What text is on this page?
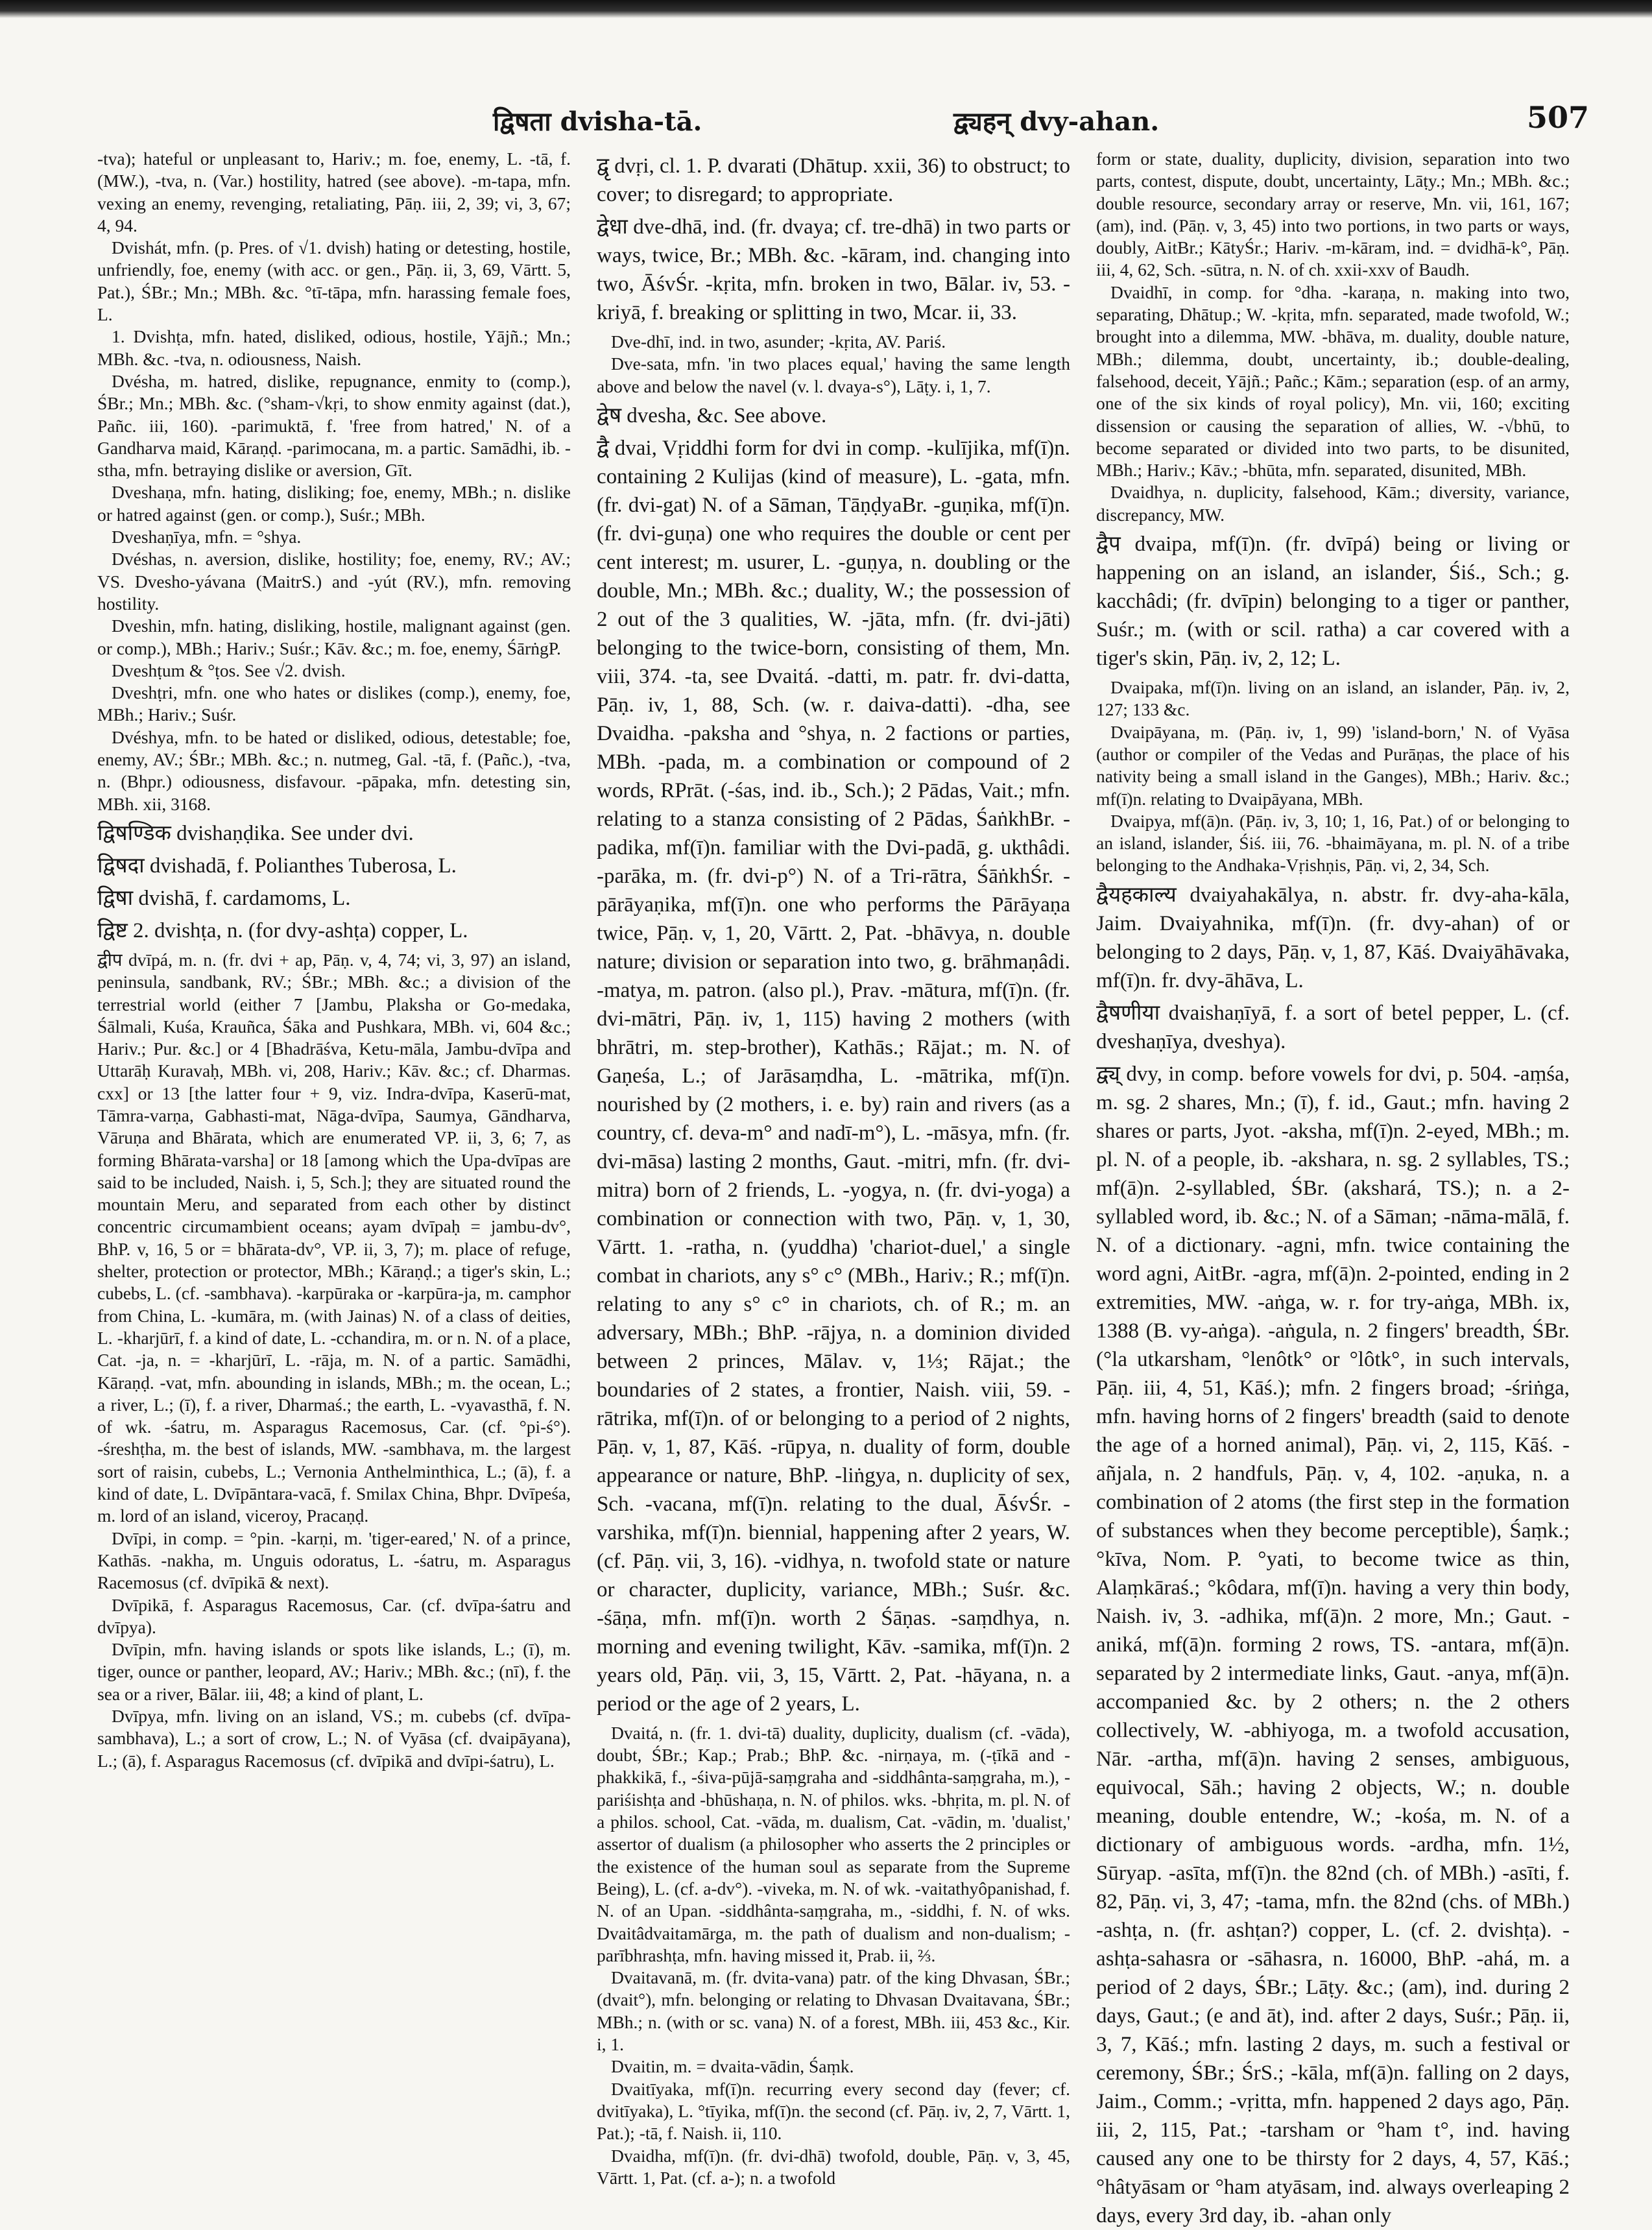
द्विषता dvisha-tā.	द्व्यहन् dvy-ahan.	507

-tva); hateful or unpleasant to, Hariv.; m. foe, enemy, L. -tā, f. (MW.), -tva, n. (Var.) hostility, hatred (see above). -m-tapa, mfn. vexing an enemy, revenging, retaliating, Pāṇ. iii, 2, 39; vi, 3, 67; 4, 94.

Dvishát, mfn. (p. Pres. of √1. dvish) hating or detesting, hostile, unfriendly, foe, enemy (with acc. or gen., Pāṇ. ii, 3, 69, Vārtt. 5, Pat.), ŚBr.; Mn.; MBh. &c. °tī-tāpa, mfn. harassing female foes, L.

1. Dvishṭa, mfn. hated, disliked, odious, hostile, Yājñ.; Mn.; MBh. &c. -tva, n. odiousness, Naish.

Dvésha, m. hatred, dislike, repugnance, enmity to (comp.), ŚBr.; Mn.; MBh. &c. (°sham-√kṛi, to show enmity against (dat.), Pañc. iii, 160). -parimuktā, f. 'free from hatred,' N. of a Gandharva maid, Kāraṇḍ. -parimocana, m. a partic. Samādhi, ib. -stha, mfn. betraying dislike or aversion, Gīt.

Dveshaṇa, mfn. hating, disliking; foe, enemy, MBh.; n. dislike or hatred against (gen. or comp.), Suśr.; MBh.

Dveshaṇīya, mfn. = °shya.

Dvéshas, n. aversion, dislike, hostility; foe, enemy, RV.; AV.; VS. Dvesho-yávana (MaitrS.) and -yút (RV.), mfn. removing hostility.

Dveshin, mfn. hating, disliking, hostile, malignant against (gen. or comp.), MBh.; Hariv.; Suśr.; Kāv. &c.; m. foe, enemy, ŚārṅgP.

Dveshṭum & °ṭos. See √2. dvish.

Dveshṭri, mfn. one who hates or dislikes (comp.), enemy, foe, MBh.; Hariv.; Suśr.

Dvéshya, mfn. to be hated or disliked, odious, detestable; foe, enemy, AV.; ŚBr.; MBh. &c.; n. nutmeg, Gal. -tā, f. (Pañc.), -tva, n. (Bhpr.) odiousness, disfavour. -pāpaka, mfn. detesting sin, MBh. xii, 3168.

द्विषण्डिक dvishaṇḍika. See under dvi.

द्विषदा dvishadā, f. Polianthes Tuberosa, L.

द्विषा dvishā, f. cardamoms, L.

द्विष्ट 2. dvishṭa, n. (for dvy-ashṭa) copper, L.

द्वीप dvīpá, m. n. (fr. dvi + ap, Pāṇ. v, 4, 74; vi, 3, 97) an island, peninsula, sandbank, RV.; ŚBr.; MBh. &c.; a division of the terrestrial world (either 7 [Jambu, Plaksha or Go-medaka, Śālmali, Kuśa, Krauñca, Śāka and Pushkara, MBh. vi, 604 &c.; Hariv.; Pur. &c.] or 4 [Bhadrāśva, Ketu-māla, Jambu-dvīpa and Uttarāḥ Kuravaḥ, MBh. vi, 208, Hariv.; Kāv. &c.; cf. Dharmas. cxx] or 13 [the latter four + 9, viz. Indra-dvīpa, Kaserū-mat, Tāmra-varṇa, Gabhasti-mat, Nāga-dvīpa, Saumya, Gāndharva, Vāruṇa and Bhārata, which are enumerated VP. ii, 3, 6; 7, as forming Bhārata-varsha] or 18 [among which the Upa-dvīpas are said to be included, Naish. i, 5, Sch.]; they are situated round the mountain Meru, and separated from each other by distinct concentric circumambient oceans; ayam dvīpaḥ = jambu-dv°, BhP. v, 16, 5 or = bhārata-dv°, VP. ii, 3, 7); m. place of refuge, shelter, protection or protector, MBh.; Kāraṇḍ.; a tiger's skin, L.; cubebs, L. (cf. -sambhava). -karpūraka or -karpūra-ja, m. camphor from China, L. -kumāra, m. (with Jainas) N. of a class of deities, L. -kharjūrī, f. a kind of date, L. -cchandira, m. or n. N. of a place, Cat. -ja, n. = -kharjūrī, L. -rāja, m. N. of a partic. Samādhi, Kāraṇḍ. -vat, mfn. abounding in islands, MBh.; m. the ocean, L.; a river, L.; (ī), f. a river, Dharmaś.; the earth, L. -vyavasthā, f. N. of wk. -śatru, m. Asparagus Racemosus, Car. (cf. °pi-ś°). -śreshṭha, m. the best of islands, MW. -sambhava, m. the largest sort of raisin, cubebs, L.; Vernonia Anthelminthica, L.; (ā), f. a kind of date, L. Dvīpāntara-vacā, f. Smilax China, Bhpr. Dvīpeśa, m. lord of an island, viceroy, Pracaṇḍ.

Dvīpi, in comp. = °pin. -karṇi, m. 'tiger-eared,' N. of a prince, Kathās. -nakha, m. Unguis odoratus, L. -śatru, m. Asparagus Racemosus (cf. dvīpikā & next).

Dvīpikā, f. Asparagus Racemosus, Car. (cf. dvīpa-śatru and dvīpya).

Dvīpin, mfn. having islands or spots like islands, L.; (ī), m. tiger, ounce or panther, leopard, AV.; Hariv.; MBh. &c.; (nī), f. the sea or a river, Bālar. iii, 48; a kind of plant, L.

Dvīpya, mfn. living on an island, VS.; m. cubebs (cf. dvīpa-sambhava), L.; a sort of crow, L.; N. of Vyāsa (cf. dvaipāyana), L.; (ā), f. Asparagus Racemosus (cf. dvīpikā and dvīpi-śatru), L.

द्वृ dvṛi, cl. 1. P. dvarati (Dhātup. xxii, 36) to obstruct; to cover; to disregard; to appropriate.

द्वेधा dve-dhā, ind. (fr. dvaya; cf. tre-dhā) in two parts or ways, twice, Br.; MBh. &c. -kāram, ind. changing into two, ĀśvŚr. -kṛita, mfn. broken in two, Bālar. iv, 53. -kriyā, f. breaking or splitting in two, Mcar. ii, 33.

Dve-dhī, ind. in two, asunder; -kṛita, AV. Pariś.

Dve-sata, mfn. 'in two places equal,' having the same length above and below the navel (v. l. dvaya-s°), Lāṭy. i, 1, 7.

द्वेष dvesha, &c. See above.

द्वै dvai, Vṛiddhi form for dvi in comp. -kulījika, mf(ī)n. containing 2 Kulijas (kind of measure), L. -gata, mfn. (fr. dvi-gat) N. of a Sāman, TāṇḍyaBr. -guṇika, mf(ī)n. (fr. dvi-guṇa) one who requires the double or cent per cent interest; m. usurer, L. -guṇya, n. doubling or the double, Mn.; MBh. &c.; duality, W.; the possession of 2 out of the 3 qualities, W. -jāta, mfn. (fr. dvi-jāti) belonging to the twice-born, consisting of them, Mn. viii, 374. -ta, see Dvaitá. -datti, m. patr. fr. dvi-datta, Pāṇ. iv, 1, 88, Sch. (w. r. daiva-datti). -dha, see Dvaidha. -paksha and °shya, n. 2 factions or parties, MBh. -pada, m. a combination or compound of 2 words, RPrāt. (-śas, ind. ib., Sch.); 2 Pādas, Vait.; mfn. relating to a stanza consisting of 2 Pādas, ŚaṅkhBr. -padika, mf(ī)n. familiar with the Dvi-padā, g. ukthâdi. -parāka, m. (fr. dvi-p°) N. of a Tri-rātra, ŚāṅkhŚr. -pārāyaṇika, mf(ī)n. one who performs the Pārāyaṇa twice, Pāṇ. v, 1, 20, Vārtt. 2, Pat. -bhāvya, n. double nature; division or separation into two, g. brāhmaṇâdi. -matya, m. patron. (also pl.), Prav. -mātura, mf(ī)n. (fr. dvi-mātri, Pāṇ. iv, 1, 115) having 2 mothers (with bhrātri, m. step-brother), Kathās.; Rājat.; m. N. of Gaṇeśa, L.; of Jarāsaṃdha, L. -mātrika, mf(ī)n. nourished by (2 mothers, i. e. by) rain and rivers (as a country, cf. deva-m° and nadī-m°), L. -māsya, mfn. (fr. dvi-māsa) lasting 2 months, Gaut. -mitri, mfn. (fr. dvi-mitra) born of 2 friends, L. -yogya, n. (fr. dvi-yoga) a combination or connection with two, Pāṇ. v, 1, 30, Vārtt. 1. -ratha, n. (yuddha) 'chariot-duel,' a single combat in chariots, any s° c° (MBh., Hariv.; R.; mf(ī)n. relating to any s° c° in chariots, ch. of R.; m. an adversary, MBh.; BhP. -rājya, n. a dominion divided between 2 princes, Mālav. v, 1⅓; Rājat.; the boundaries of 2 states, a frontier, Naish. viii, 59. -rātrika, mf(ī)n. of or belonging to a period of 2 nights, Pāṇ. v, 1, 87, Kāś. -rūpya, n. duality of form, double appearance or nature, BhP. -liṅgya, n. duplicity of sex, Sch. -vacana, mf(ī)n. relating to the dual, ĀśvŚr. -varshika, mf(ī)n. biennial, happening after 2 years, W. (cf. Pāṇ. vii, 3, 16). -vidhya, n. twofold state or nature or character, duplicity, variance, MBh.; Suśr. &c. -śāṇa, mfn. mf(ī)n. worth 2 Śāṇas. -saṃdhya, n. morning and evening twilight, Kāv. -samika, mf(ī)n. 2 years old, Pāṇ. vii, 3, 15, Vārtt. 2, Pat. -hāyana, n. a period or the age of 2 years, L.

Dvaitá, n. (fr. 1. dvi-tā) duality, duplicity, dualism (cf. -vāda), doubt, ŚBr.; Kap.; Prab.; BhP. &c. -nirṇaya, m. (-ṭīkā and -phakkikā, f., -śiva-pūjā-saṃgraha and -siddhânta-saṃgraha, m.), -pariśishṭa and -bhūshaṇa, n. N. of philos. wks. -bhṛita, m. pl. N. of a philos. school, Cat. -vāda, m. dualism, Cat. -vādin, m. 'dualist,' assertor of dualism (a philosopher who asserts the 2 principles or the existence of the human soul as separate from the Supreme Being), L. (cf. a-dv°). -viveka, m. N. of wk. -vaitathyôpanishad, f. N. of an Upan. -siddhânta-saṃgraha, m., -siddhi, f. N. of wks. Dvaitâdvaitamārga, m. the path of dualism and non-dualism; -parībhrashṭa, mfn. having missed it, Prab. ii, ⅔.

Dvaitavanā, m. (fr. dvita-vana) patr. of the king Dhvasan, ŚBr.; (dvait°), mfn. belonging or relating to Dhvasan Dvaitavana, ŚBr.; MBh.; n. (with or sc. vana) N. of a forest, MBh. iii, 453 &c., Kir. i, 1.

Dvaitin, m. = dvaita-vādin, Śaṃk.

Dvaitīyaka, mf(ī)n. recurring every second day (fever; cf. dvitīyaka), L. °tīyika, mf(ī)n. the second (cf. Pāṇ. iv, 2, 7, Vārtt. 1, Pat.); -tā, f. Naish. ii, 110.

Dvaidha, mf(ī)n. (fr. dvi-dhā) twofold, double, Pāṇ. v, 3, 45, Vārtt. 1, Pat. (cf. a-); n. a twofold

form or state, duality, duplicity, division, separation into two parts, contest, dispute, doubt, uncertainty, Lāṭy.; Mn.; MBh. &c.; double resource, secondary array or reserve, Mn. vii, 161, 167; (am), ind. (Pāṇ. v, 3, 45) into two portions, in two parts or ways, doubly, AitBr.; KātyŚr.; Hariv. -m-kāram, ind. = dvidhā-k°, Pāṇ. iii, 4, 62, Sch. -sūtra, n. N. of ch. xxii-xxv of Baudh.

Dvaidhī, in comp. for °dha. -karaṇa, n. making into two, separating, Dhātup.; W. -kṛita, mfn. separated, made twofold, W.; brought into a dilemma, MW. -bhāva, m. duality, double nature, MBh.; dilemma, doubt, uncertainty, ib.; double-dealing, falsehood, deceit, Yājñ.; Pañc.; Kām.; separation (esp. of an army, one of the six kinds of royal policy), Mn. vii, 160; exciting dissension or causing the separation of allies, W. -√bhū, to become separated or divided into two parts, to be disunited, MBh.; Hariv.; Kāv.; -bhūta, mfn. separated, disunited, MBh.

Dvaidhya, n. duplicity, falsehood, Kām.; diversity, variance, discrepancy, MW.

द्वैप dvaipa, mf(ī)n. (fr. dvīpá) being or living or happening on an island, an islander, Śiś., Sch.; g. kacchâdi; (fr. dvīpin) belonging to a tiger or panther, Suśr.; m. (with or scil. ratha) a car covered with a tiger's skin, Pāṇ. iv, 2, 12; L.

Dvaipaka, mf(ī)n. living on an island, an islander, Pāṇ. iv, 2, 127; 133 &c.

Dvaipāyana, m. (Pāṇ. iv, 1, 99) 'island-born,' N. of Vyāsa (author or compiler of the Vedas and Purāṇas, the place of his nativity being a small island in the Ganges), MBh.; Hariv. &c.; mf(ī)n. relating to Dvaipāyana, MBh.

Dvaipya, mf(ā)n. (Pāṇ. iv, 3, 10; 1, 16, Pat.) of or belonging to an island, islander, Śiś. iii, 76. -bhaimāyana, m. pl. N. of a tribe belonging to the Andhaka-Vṛishṇis, Pāṇ. vi, 2, 34, Sch.

द्वैयहकाल्य dvaiyahakālya, n. abstr. fr. dvy-aha-kāla, Jaim. Dvaiyahnika, mf(ī)n. (fr. dvy-ahan) of or belonging to 2 days, Pāṇ. v, 1, 87, Kāś. Dvaiyāhāvaka, mf(ī)n. fr. dvy-āhāva, L.

द्वैषणीया dvaishaṇīyā, f. a sort of betel pepper, L. (cf. dveshaṇīya, dveshya).

द्व्य् dvy, in comp. before vowels for dvi, p. 504. -aṃśa, m. sg. 2 shares, Mn.; (ī), f. id., Gaut.; mfn. having 2 shares or parts, Jyot. -aksha, mf(ī)n. 2-eyed, MBh.; m. pl. N. of a people, ib. -akshara, n. sg. 2 syllables, TS.; mf(ā)n. 2-syllabled, ŚBr. (akshará, TS.); n. a 2-syllabled word, ib. &c.; N. of a Sāman; -nāma-mālā, f. N. of a dictionary. -agni, mfn. twice containing the word agni, AitBr. -agra, mf(ā)n. 2-pointed, ending in 2 extremities, MW. -aṅga, w. r. for try-aṅga, MBh. ix, 1388 (B. vy-aṅga). -aṅgula, n. 2 fingers' breadth, ŚBr. (°la utkarsham, °lenôtk° or °lôtk°, in such intervals, Pāṇ. iii, 4, 51, Kāś.); mfn. 2 fingers broad; -śriṅga, mfn. having horns of 2 fingers' breadth (said to denote the age of a horned animal), Pāṇ. vi, 2, 115, Kāś. -añjala, n. 2 handfuls, Pāṇ. v, 4, 102. -aṇuka, n. a combination of 2 atoms (the first step in the formation of substances when they become perceptible), Śaṃk.; °kīva, Nom. P. °yati, to become twice as thin, Alaṃkāraś.; °kôdara, mf(ī)n. having a very thin body, Naish. iv, 3. -adhika, mf(ā)n. 2 more, Mn.; Gaut. -aniká, mf(ā)n. forming 2 rows, TS. -antara, mf(ā)n. separated by 2 intermediate links, Gaut. -anya, mf(ā)n. accompanied &c. by 2 others; n. the 2 others collectively, W. -abhiyoga, m. a twofold accusation, Nār. -artha, mf(ā)n. having 2 senses, ambiguous, equivocal, Sāh.; having 2 objects, W.; n. double meaning, double entendre, W.; -kośa, m. N. of a dictionary of ambiguous words. -ardha, mfn. 1½, Sūryap. -asīta, mf(ī)n. the 82nd (ch. of MBh.) -asīti, f. 82, Pāṇ. vi, 3, 47; -tama, mfn. the 82nd (chs. of MBh.) -ashṭa, n. (fr. ashṭan?) copper, L. (cf. 2. dvishṭa). -ashṭa-sahasra or -sāhasra, n. 16000, BhP. -ahá, m. a period of 2 days, ŚBr.; Lāṭy. &c.; (am), ind. during 2 days, Gaut.; (e and āt), ind. after 2 days, Suśr.; Pāṇ. ii, 3, 7, Kāś.; mfn. lasting 2 days, m. such a festival or ceremony, ŚBr.; ŚrS.; -kāla, mf(ā)n. falling on 2 days, Jaim., Comm.; -vṛitta, mfn. happened 2 days ago, Pāṇ. iii, 2, 115, Pat.; -tarsham or °ham t°, ind. having caused any one to be thirsty for 2 days, 4, 57, Kāś.; °hâtyāsam or °ham atyāsam, ind. always overleaping 2 days, every 3rd day, ib. -ahan only
